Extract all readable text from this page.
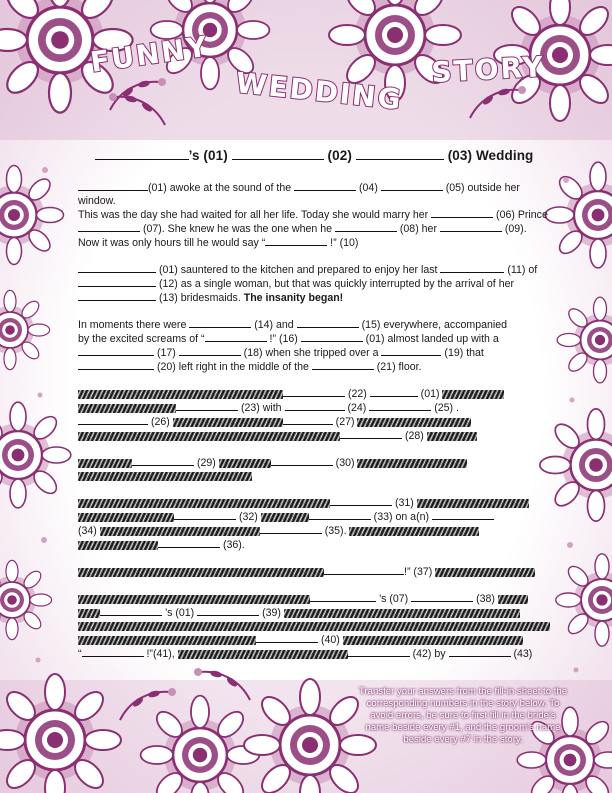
FUNNY
WEDDING STORY
’s (01)	(02)	(03) Wedding

(01) awoke at the sound of the	(04)	(05) outside her window.
This was the day she had waited for all her life. Today she would marry her	(06) Prince
(07). She knew he was the one when he	(08) her	(09).
Now it was only hours till he would say “	!” (10)

(01) sauntered to the kitchen and prepared to enjoy her last	(11) of
(12) as a single woman, but that was quickly interrupted by the arrival of her
(13) bridesmaids. The insanity began!

In moments there were	(14) and	(15) everywhere, accompanied
by the excited screams of “	!” (16)	(01) almost landed up with a
(17)	(18) when she tripped over a	(19) that
(20) left right in the middle of the	(21) floor.

(22)	(01)
(23) with	(24)	(25) .
(26)	(27)
(28)

(29)	(30)

(31)
(32)	(33) on a(n)
(34)	(35).
(36).

!” (37)

’s (07)	(38)
’s (01)	(39)

(40)
“	!”(41),	(42) by	(43)

Transfer your answers from the fill-in sheet to the corresponding numbers in the story below. To avoid errors, be sure to first fill in the bride’s name beside every #1, and the groom’s name beside every #7 in the story.
